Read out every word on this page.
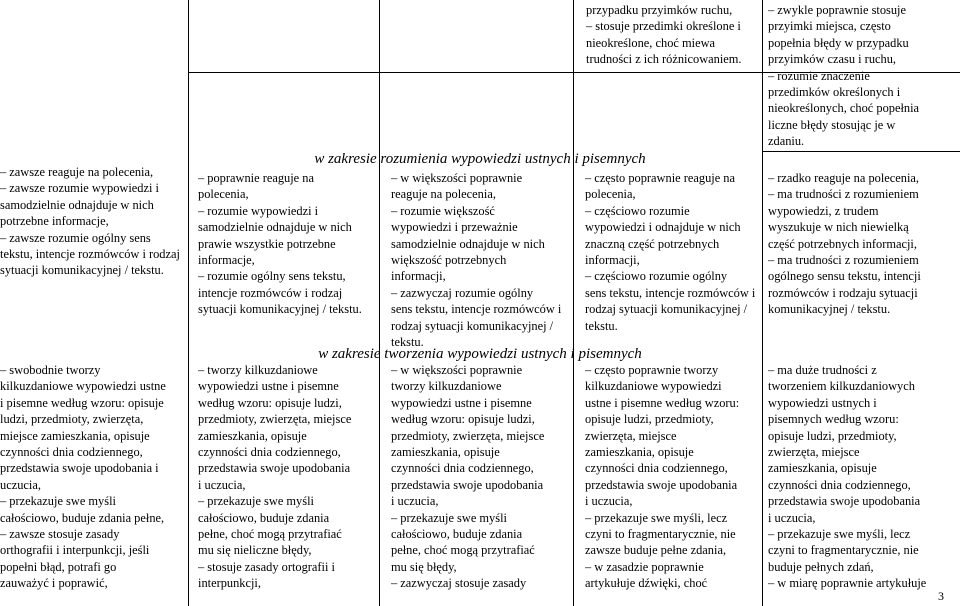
przypadku przyimków ruchu,
– stosuje przedimki określone i
nieokreślone, choć miewa
trudności z ich różnicowaniem.
– zwykle poprawnie stosuje
przyimki miejsca, często
popełnia błędy w przypadku
przyimków czasu i ruchu,
– rozumie znaczenie
przedimków określonych i
nieokreślonych, choć popełnia
liczne błędy stosując je w
zdaniu.
w zakresie rozumienia wypowiedzi ustnych i pisemnych
– zawsze reaguje na polecenia,
– zawsze rozumie wypowiedzi i
samodzielnie odnajduje w nich
potrzebne informacje,
– zawsze rozumie ogólny sens
tekstu, intencje rozmówców i rodzaj
sytuacji komunikacyjnej / tekstu.
– poprawnie reaguje na
polecenia,
– rozumie wypowiedzi i
samodzielnie odnajduje w nich
prawie wszystkie potrzebne
informacje,
– rozumie ogólny sens tekstu,
intencje rozmówców i rodzaj
sytuacji komunikacyjnej / tekstu.
– w większości poprawnie
reaguje na polecenia,
– rozumie większość
wypowiedzi i przeważnie
samodzielnie odnajduje w nich
większość potrzebnych
informacji,
– zazwyczaj rozumie ogólny
sens tekstu, intencje rozmówców i
rodzaj sytuacji komunikacyjnej /
tekstu.
– często poprawnie reaguje na
polecenia,
– częściowo rozumie
wypowiedzi i odnajduje w nich
znaczną część potrzebnych
informacji,
– częściowo rozumie ogólny
sens tekstu, intencje rozmówców i
rodzaj sytuacji komunikacyjnej /
tekstu.
– rzadko reaguje na polecenia,
– ma trudności z rozumieniem
wypowiedzi, z trudem
wyszukuje w nich niewielką
część potrzebnych informacji,
– ma trudności z rozumieniem
ogólnego sensu tekstu, intencji
rozmówców i rodzaju sytuacji
komunikacyjnej / tekstu.
w zakresie tworzenia wypowiedzi ustnych i pisemnych
– swobodnie tworzy
kilkuzdaniowe wypowiedzi ustne
i pisemne według wzoru: opisuje
ludzi, przedmioty, zwierzęta,
miejsce zamieszkania, opisuje
czynności dnia codziennego,
przedstawia swoje upodobania i
uczucia,
– przekazuje swe myśli
całościowo, buduje zdania pełne,
– zawsze stosuje zasady
orthografii i interpunkcji, jeśli
popełni błąd, potrafi go
zauważyć i poprawić,
– tworzy kilkuzdaniowe
wypowiedzi ustne i pisemne
według wzoru: opisuje ludzi,
przedmioty, zwierzęta, miejsce
zamieszkania, opisuje
czynności dnia codziennego,
przedstawia swoje upodobania
i uczucia,
– przekazuje swe myśli
całościowo, buduje zdania
pełne, choć mogą przytrafiać
mu się nieliczne błędy,
– stosuje zasady ortografii i
interpunkcji,
– w większości poprawnie
tworzy kilkuzdaniowe
wypowiedzi ustne i pisemne
według wzoru: opisuje ludzi,
przedmioty, zwierzęta, miejsce
zamieszkania, opisuje
czynności dnia codziennego,
przedstawia swoje upodobania
i uczucia,
– przekazuje swe myśli
całościowo, buduje zdania
pełne, choć mogą przytrafiać
mu się błędy,
– zazwyczaj stosuje zasady
– często poprawnie tworzy
kilkuzdaniowe wypowiedzi
ustne i pisemne według wzoru:
opisuje ludzi, przedmioty,
zwierzęta, miejsce
zamieszkania, opisuje
czynności dnia codziennego,
przedstawia swoje upodobania
i uczucia,
– przekazuje swe myśli, lecz
czyni to fragmentarycznie, nie
zawsze buduje pełne zdania,
– w zasadzie poprawnie
artykułuje dźwięki, choć
– ma duże trudności z
tworzeniem kilkuzdaniowych
wypowiedzi ustnych i
pisemnych według wzoru:
opisuje ludzi, przedmioty,
zwierzęta, miejsce
zamieszkania, opisuje
czynności dnia codziennego,
przedstawia swoje upodobania
i uczucia,
– przekazuje swe myśli, lecz
czyni to fragmentarycznie, nie
buduje pełnych zdań,
– w miarę poprawnie artykułuje
3
